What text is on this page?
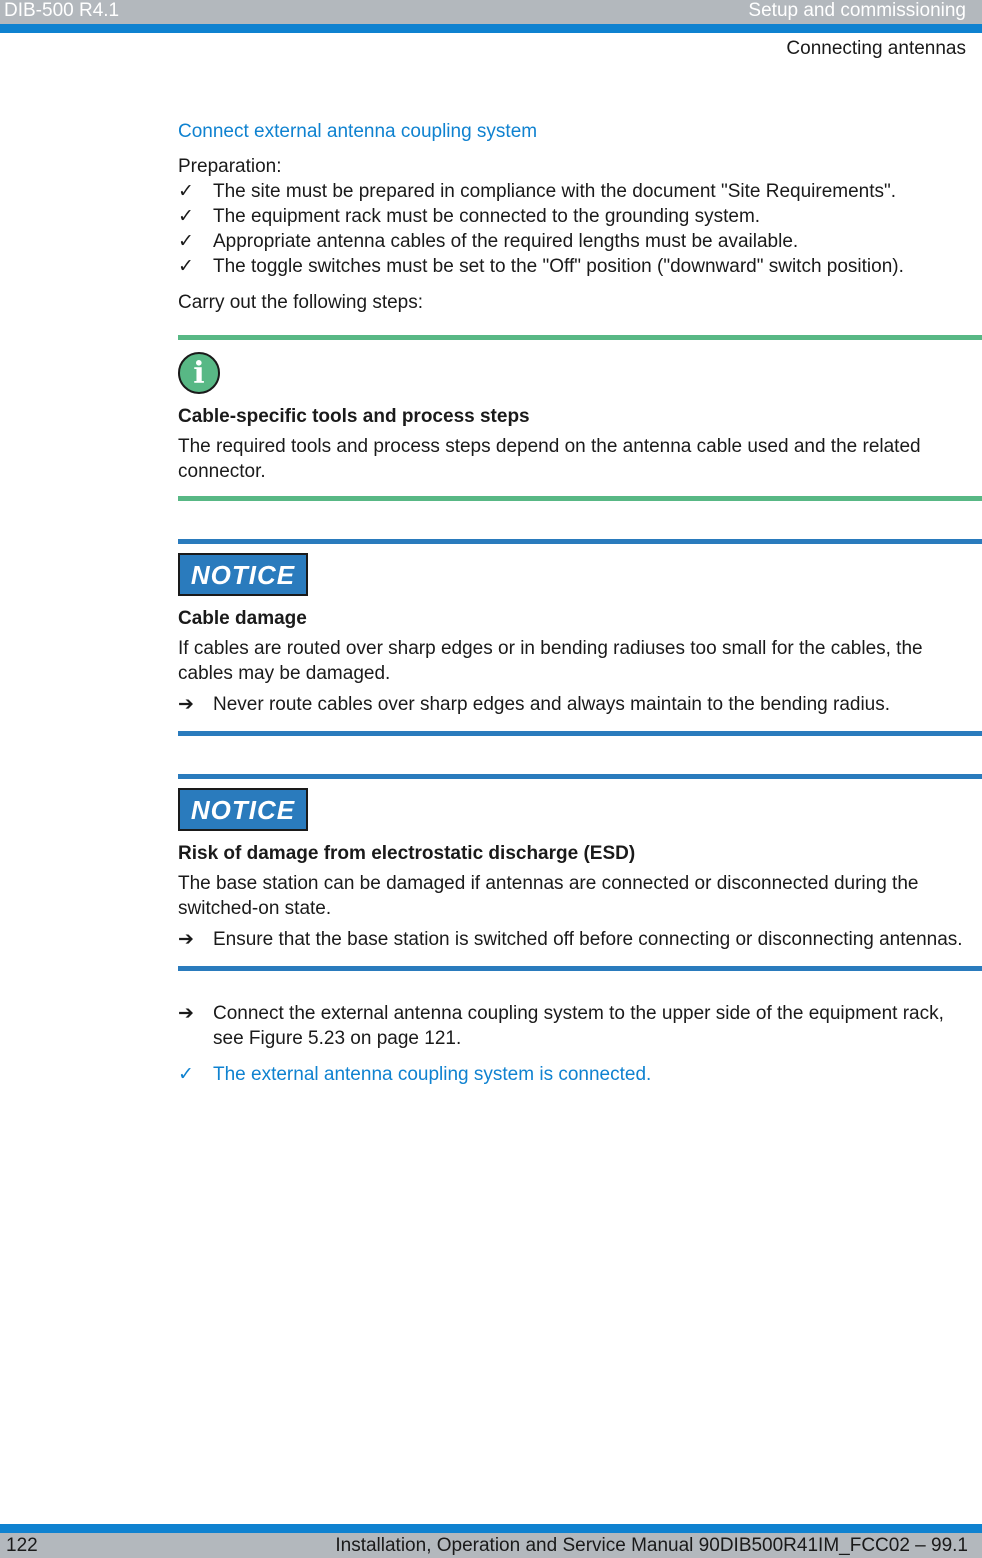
DIB-500 R4.1	Setup and commissioning
Connecting antennas

Connect external antenna coupling system

Preparation:

✓	The site must be prepared in compliance with the document "Site Requirements".
✓	The equipment rack must be connected to the grounding system.
✓	Appropriate antenna cables of the required lengths must be available.
✓	The toggle switches must be set to the "Off" position ("downward" switch position).

Carry out the following steps:

i

Cable-specific tools and process steps

The required tools and process steps depend on the antenna cable used and the related connector.

NOTICE

Cable damage

If cables are routed over sharp edges or in bending radiuses too small for the cables, the cables may be damaged.

➔	Never route cables over sharp edges and always maintain to the bending radius.
NOTICE

Risk of damage from electrostatic discharge (ESD)

The base station can be damaged if antennas are connected or disconnected during the switched-on state.

➔	Ensure that the base station is switched off before connecting or disconnecting antennas.
➔	Connect the external antenna coupling system to the upper side of the equipment rack, see Figure 5.23 on page 121.
✓	The external antenna coupling system is connected.
122	Installation, Operation and Service Manual 90DIB500R41IM_FCC02 – 99.1
